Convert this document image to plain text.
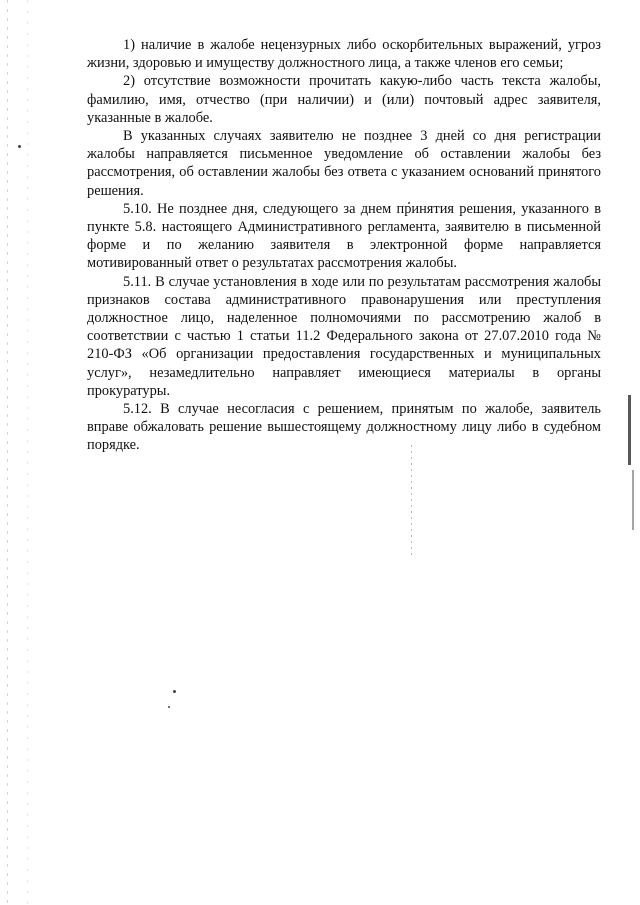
1) наличие в жалобе нецензурных либо оскорбительных выражений, угроз жизни, здоровью и имуществу должностного лица, а также членов его семьи;

2) отсутствие возможности прочитать какую-либо часть текста жалобы, фамилию, имя, отчество (при наличии) и (или) почтовый адрес заявителя, указанные в жалобе.

В указанных случаях заявителю не позднее 3 дней со дня регистрации жалобы направляется письменное уведомление об оставлении жалобы без рассмотрения, об оставлении жалобы без ответа с указанием оснований принятого решения.

5.10. Не позднее дня, следующего за днем принятия решения, указанного в пункте 5.8. настоящего Административного регламента, заявителю в письменной форме и по желанию заявителя в электронной форме направляется мотивированный ответ о результатах рассмотрения жалобы.

5.11. В случае установления в ходе или по результатам рассмотрения жалобы признаков состава административного правонарушения или преступления должностное лицо, наделенное полномочиями по рассмотрению жалоб в соответствии с частью 1 статьи 11.2 Федерального закона от 27.07.2010 года № 210-ФЗ «Об организации предоставления государственных и муниципальных услуг», незамедлительно направляет имеющиеся материалы в органы прокуратуры.

5.12. В случае несогласия с решением, принятым по жалобе, заявитель вправе обжаловать решение вышестоящему должностному лицу либо в судебном порядке.
